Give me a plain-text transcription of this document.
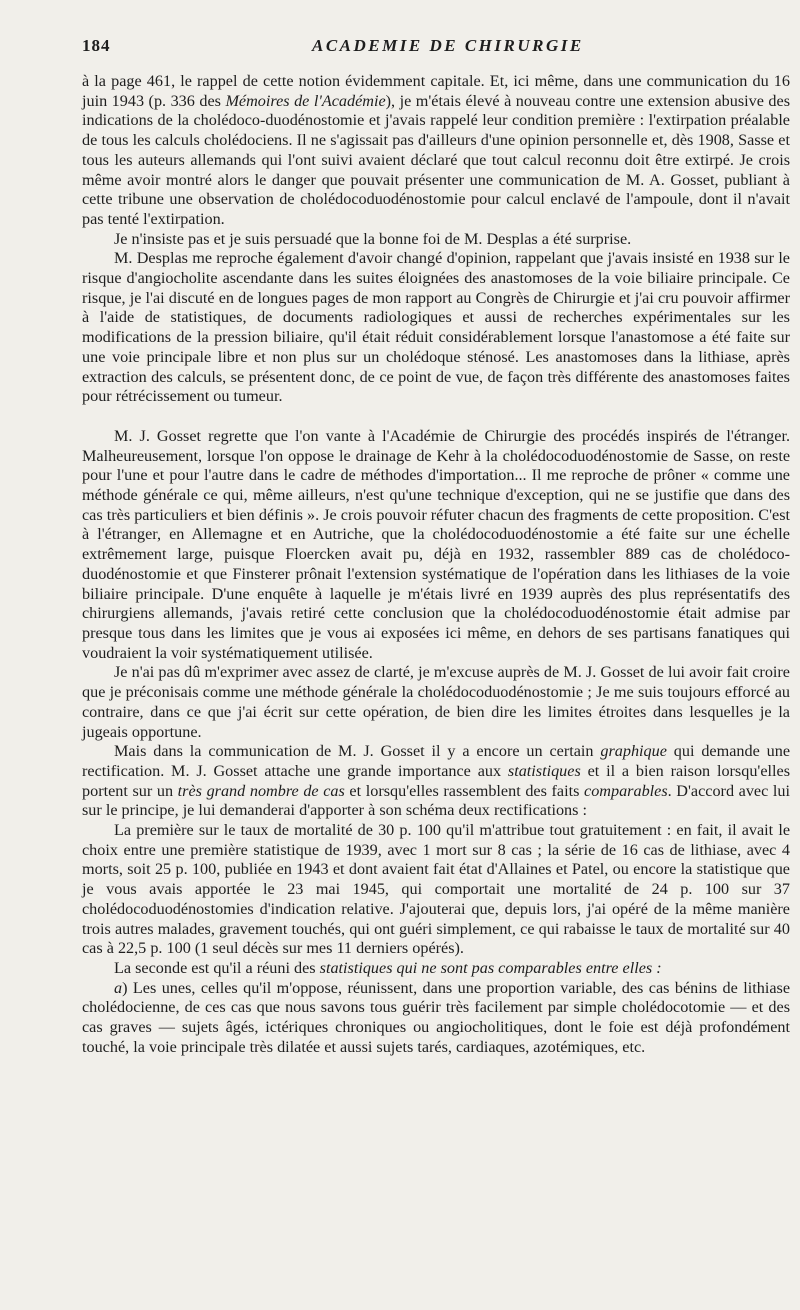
184	ACADEMIE DE CHIRURGIE

à la page 461, le rappel de cette notion évidemment capitale. Et, ici même, dans une communication du 16 juin 1943 (p. 336 des Mémoires de l'Académie), je m'étais élevé à nouveau contre une extension abusive des indications de la cholédoco-duodénostomie et j'avais rappelé leur condition première : l'extirpation préalable de tous les calculs cholédociens. Il ne s'agissait pas d'ailleurs d'une opinion personnelle et, dès 1908, Sasse et tous les auteurs allemands qui l'ont suivi avaient déclaré que tout calcul reconnu doit être extirpé. Je crois même avoir montré alors le danger que pouvait présenter une communication de M. A. Gosset, publiant à cette tribune une observation de cholédocoduodénostomie pour calcul enclavé de l'ampoule, dont il n'avait pas tenté l'extirpation.

Je n'insiste pas et je suis persuadé que la bonne foi de M. Desplas a été surprise.

M. Desplas me reproche également d'avoir changé d'opinion, rappelant que j'avais insisté en 1938 sur le risque d'angiocholite ascendante dans les suites éloignées des anastomoses de la voie biliaire principale. Ce risque, je l'ai discuté en de longues pages de mon rapport au Congrès de Chirurgie et j'ai cru pouvoir affirmer à l'aide de statistiques, de documents radiologiques et aussi de recherches expérimentales sur les modifications de la pression biliaire, qu'il était réduit considérablement lorsque l'anastomose a été faite sur une voie principale libre et non plus sur un cholédoque sténosé. Les anastomoses dans la lithiase, après extraction des calculs, se présentent donc, de ce point de vue, de façon très différente des anastomoses faites pour rétrécissement ou tumeur.

M. J. Gosset regrette que l'on vante à l'Académie de Chirurgie des procédés inspirés de l'étranger. Malheureusement, lorsque l'on oppose le drainage de Kehr à la cholédocoduodénostomie de Sasse, on reste pour l'une et pour l'autre dans le cadre de méthodes d'importation... Il me reproche de prôner « comme une méthode générale ce qui, même ailleurs, n'est qu'une technique d'exception, qui ne se justifie que dans des cas très particuliers et bien définis ». Je crois pouvoir réfuter chacun des fragments de cette proposition. C'est à l'étranger, en Allemagne et en Autriche, que la cholédocoduodénostomie a été faite sur une échelle extrêmement large, puisque Floercken avait pu, déjà en 1932, rassembler 889 cas de cholédoco-duodénostomie et que Finsterer prônait l'extension systématique de l'opération dans les lithiases de la voie biliaire principale. D'une enquête à laquelle je m'étais livré en 1939 auprès des plus représentatifs des chirurgiens allemands, j'avais retiré cette conclusion que la cholédocoduodénostomie était admise par presque tous dans les limites que je vous ai exposées ici même, en dehors de ses partisans fanatiques qui voudraient la voir systématiquement utilisée.

Je n'ai pas dû m'exprimer avec assez de clarté, je m'excuse auprès de M. J. Gosset de lui avoir fait croire que je préconisais comme une méthode générale la cholédocoduodénostomie ; Je me suis toujours efforcé au contraire, dans ce que j'ai écrit sur cette opération, de bien dire les limites étroites dans lesquelles je la jugeais opportune.

Mais dans la communication de M. J. Gosset il y a encore un certain graphique qui demande une rectification. M. J. Gosset attache une grande importance aux statistiques et il a bien raison lorsqu'elles portent sur un très grand nombre de cas et lorsqu'elles rassemblent des faits comparables. D'accord avec lui sur le principe, je lui demanderai d'apporter à son schéma deux rectifications :

La première sur le taux de mortalité de 30 p. 100 qu'il m'attribue tout gratuitement : en fait, il avait le choix entre une première statistique de 1939, avec 1 mort sur 8 cas ; la série de 16 cas de lithiase, avec 4 morts, soit 25 p. 100, publiée en 1943 et dont avaient fait état d'Allaines et Patel, ou encore la statistique que je vous avais apportée le 23 mai 1945, qui comportait une mortalité de 24 p. 100 sur 37 cholédocoduodénostomies d'indication relative. J'ajouterai que, depuis lors, j'ai opéré de la même manière trois autres malades, gravement touchés, qui ont guéri simplement, ce qui rabaisse le taux de mortalité sur 40 cas à 22,5 p. 100 (1 seul décès sur mes 11 derniers opérés).

La seconde est qu'il a réuni des statistiques qui ne sont pas comparables entre elles :

a) Les unes, celles qu'il m'oppose, réunissent, dans une proportion variable, des cas bénins de lithiase cholédocienne, de ces cas que nous savons tous guérir très facilement par simple cholédocotomie — et des cas graves — sujets âgés, ictériques chroniques ou angiocholitiques, dont le foie est déjà profondément touché, la voie principale très dilatée et aussi sujets tarés, cardiaques, azotémiques, etc.
